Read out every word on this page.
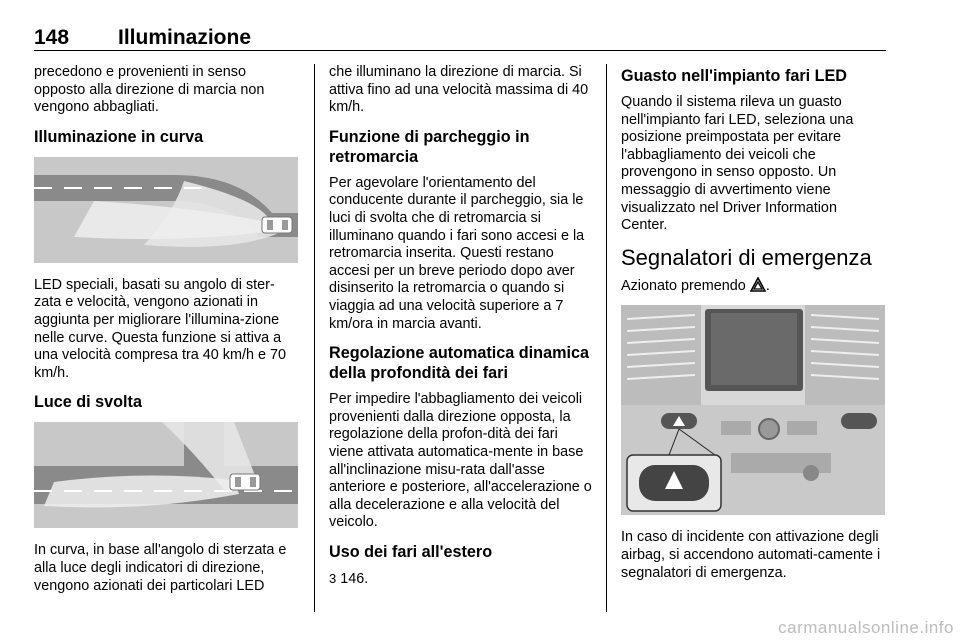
148 Illuminazione

precedono e provenienti in senso opposto alla direzione di marcia non vengono abbagliati.

Illuminazione in curva

LED speciali, basati su angolo di ster-zata e velocità, vengono azionati in aggiunta per migliorare l'illumina-zione nelle curve. Questa funzione si attiva a una velocità compresa tra 40 km/h e 70 km/h.

Luce di svolta

In curva, in base all'angolo di sterzata e alla luce degli indicatori di direzione, vengono azionati dei particolari LED

che illuminano la direzione di marcia. Si attiva fino ad una velocità massima di 40 km/h.

Funzione di parcheggio in retromarcia

Per agevolare l'orientamento del conducente durante il parcheggio, sia le luci di svolta che di retromarcia si illuminano quando i fari sono accesi e la retromarcia inserita. Questi restano accesi per un breve periodo dopo aver disinserito la retromarcia o quando si viaggia ad una velocità superiore a 7 km/ora in marcia avanti.

Regolazione automatica dinamica della profondità dei fari

Per impedire l'abbagliamento dei veicoli provenienti dalla direzione opposta, la regolazione della profon-dità dei fari viene attivata automatica-mente in base all'inclinazione misu-rata dall'asse anteriore e posteriore, all'accelerazione o alla decelerazione e alla velocità del veicolo.

Uso dei fari all'estero

3 146.

Guasto nell'impianto fari LED

Quando il sistema rileva un guasto nell'impianto fari LED, seleziona una posizione preimpostata per evitare l'abbagliamento dei veicoli che provengono in senso opposto. Un messaggio di avvertimento viene visualizzato nel Driver Information Center.

Segnalatori di emergenza

Azionato premendo .

In caso di incidente con attivazione degli airbag, si accendono automati-camente i segnalatori di emergenza.

carmanualsonline.info
